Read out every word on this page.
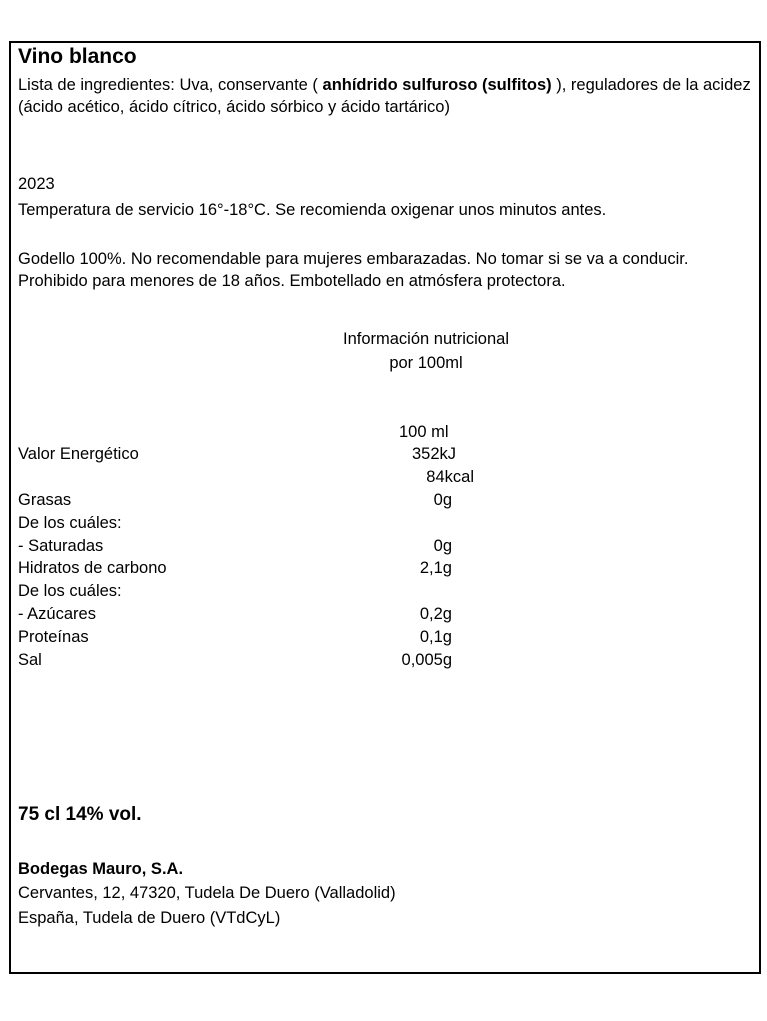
Vino blanco
Lista de ingredientes: Uva, conservante ( anhídrido sulfuroso (sulfitos) ), reguladores de la acidez (ácido acético, ácido cítrico, ácido sórbico y ácido tartárico)
2023
Temperatura de servicio 16°-18°C. Se recomienda oxigenar unos minutos antes.
Godello 100%. No recomendable para mujeres embarazadas. No tomar si se va a conducir. Prohibido para menores de 18 años. Embotellado en atmósfera protectora.
Información nutricional
por 100ml
100 ml
Valor Energético	352kJ
84kcal
Grasas	0g
De los cuáles:
- Saturadas	0g
Hidratos de carbono	2,1g
De los cuáles:
- Azúcares	0,2g
Proteínas	0,1g
Sal	0,005g
75 cl 14% vol.
Bodegas Mauro, S.A.
Cervantes, 12, 47320, Tudela De Duero (Valladolid)
España, Tudela de Duero (VTdCyL)
